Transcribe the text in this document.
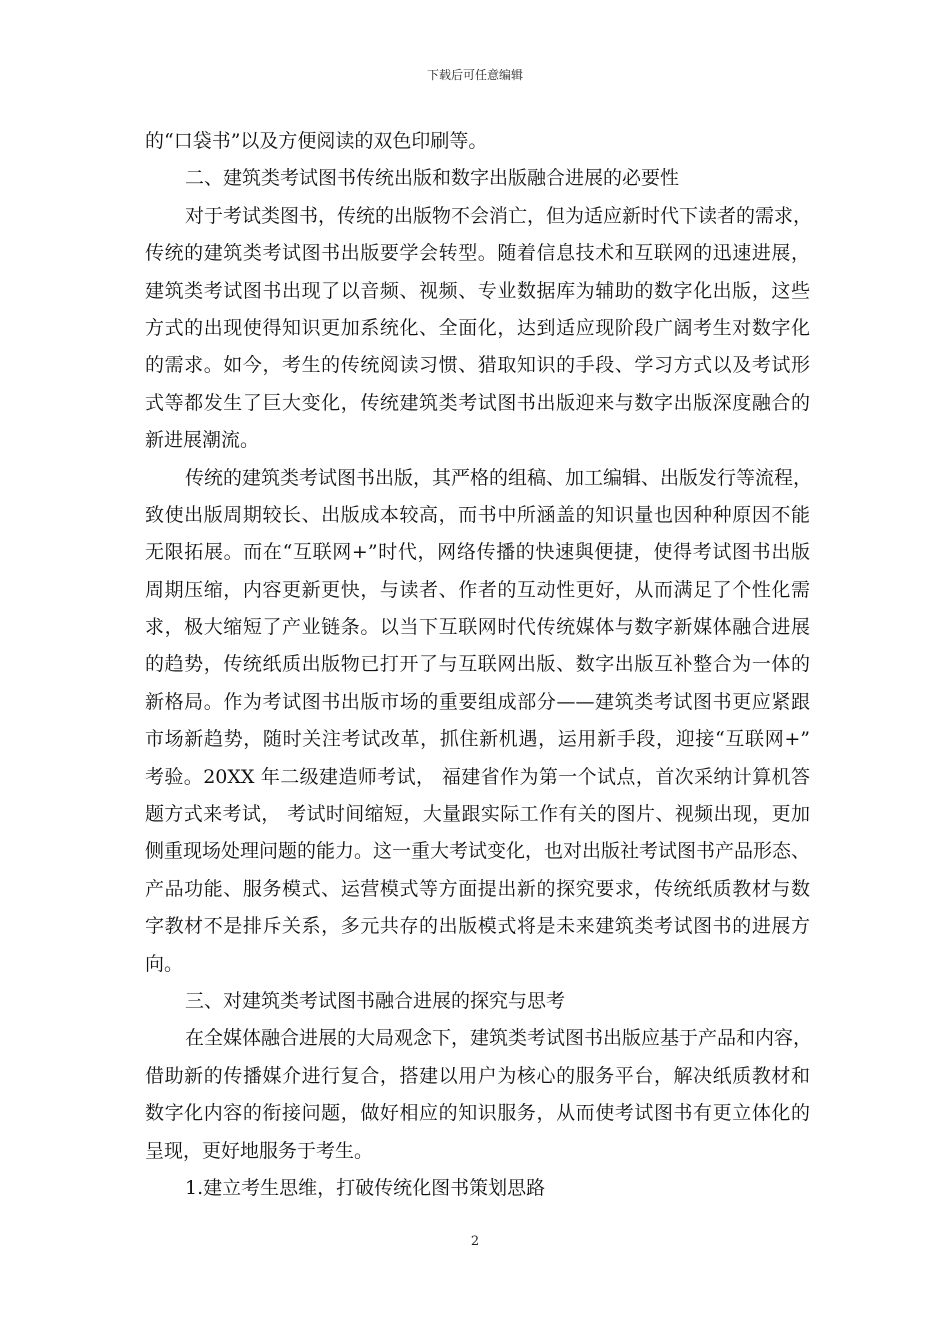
下载后可任意编辑
的“口袋书”以及方便阅读的双色印刷等。
二、建筑类考试图书传统出版和数字出版融合进展的必要性
对于考试类图书，传统的出版物不会消亡，但为适应新时代下读者的需求，
传统的建筑类考试图书出版要学会转型。随着信息技术和互联网的迅速进展，
建筑类考试图书出现了以音频、视频、专业数据库为辅助的数字化出版，这些
方式的出现使得知识更加系统化、全面化，达到适应现阶段广阔考生对数字化
的需求。如今，考生的传统阅读习惯、猎取知识的手段、学习方式以及考试形
式等都发生了巨大变化，传统建筑类考试图书出版迎来与数字出版深度融合的
新进展潮流。
传统的建筑类考试图书出版，其严格的组稿、加工编辑、出版发行等流程，
致使出版周期较长、出版成本较高，而书中所涵盖的知识量也因种种原因不能
无限拓展。而在“互联网+”时代，网络传播的快速與便捷，使得考试图书出版
周期压缩，内容更新更快，与读者、作者的互动性更好，从而满足了个性化需
求，极大缩短了产业链条。以当下互联网时代传统媒体与数字新媒体融合进展
的趋势，传统纸质出版物已打开了与互联网出版、数字出版互补整合为一体的
新格局。作为考试图书出版市场的重要组成部分——建筑类考试图书更应紧跟
市场新趋势，随时关注考试改革，抓住新机遇，运用新手段，迎接“互联网+”
考验。20XX 年二级建造师考试， 福建省作为第一个试点，首次采纳计算机答
题方式来考试， 考试时间缩短，大量跟实际工作有关的图片、视频出现，更加
侧重现场处理问题的能力。这一重大考试变化，也对出版社考试图书产品形态、
产品功能、服务模式、运营模式等方面提出新的探究要求，传统纸质教材与数
字教材不是排斥关系，多元共存的出版模式将是未来建筑类考试图书的进展方
向。
三、对建筑类考试图书融合进展的探究与思考
在全媒体融合进展的大局观念下，建筑类考试图书出版应基于产品和内容，
借助新的传播媒介进行复合，搭建以用户为核心的服务平台，解决纸质教材和
数字化内容的衔接问题，做好相应的知识服务，从而使考试图书有更立体化的
呈现，更好地服务于考生。
1.建立考生思维，打破传统化图书策划思路
2
